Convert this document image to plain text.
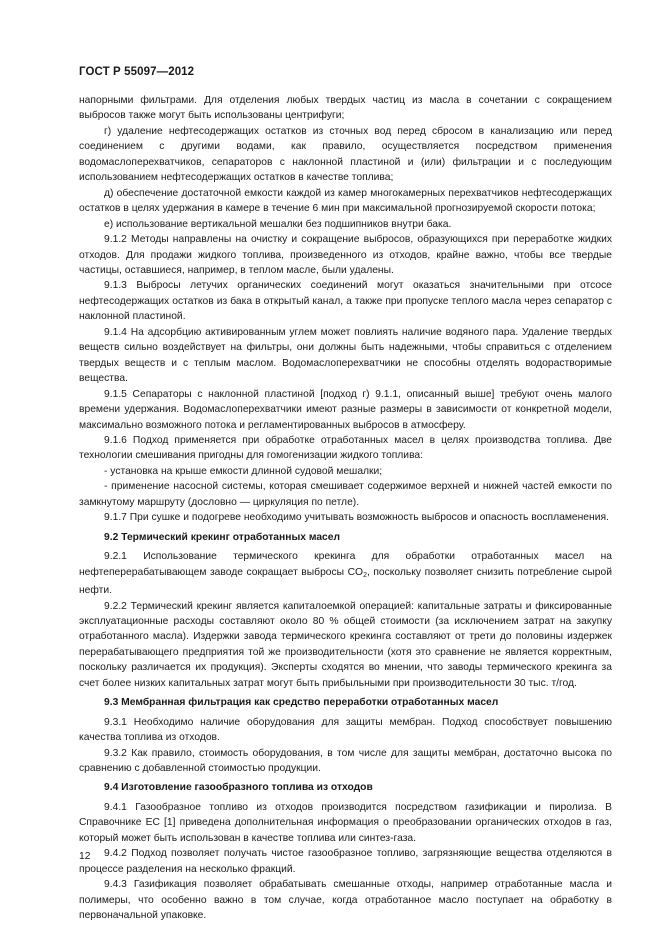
ГОСТ Р 55097—2012

напорными фильтрами. Для отделения любых твердых частиц из масла в сочетании с сокращением выбросов также могут быть использованы центрифуги;

г) удаление нефтесодержащих остатков из сточных вод перед сбросом в канализацию или перед соединением с другими водами, как правило, осуществляется посредством применения водомаслоперехватчиков, сепараторов с наклонной пластиной и (или) фильтрации и с последующим использованием нефтесодержащих остатков в качестве топлива;

д) обеспечение достаточной емкости каждой из камер многокамерных перехватчиков нефтесодержащих остатков в целях удержания в камере в течение 6 мин при максимальной прогнозируемой скорости потока;

е) использование вертикальной мешалки без подшипников внутри бака.

9.1.2 Методы направлены на очистку и сокращение выбросов, образующихся при переработке жидких отходов. Для продажи жидкого топлива, произведенного из отходов, крайне важно, чтобы все твердые частицы, оставшиеся, например, в теплом масле, были удалены.

9.1.3 Выбросы летучих органических соединений могут оказаться значительными при отсосе нефтесодержащих остатков из бака в открытый канал, а также при пропуске теплого масла через сепаратор с наклонной пластиной.

9.1.4 На адсорбцию активированным углем может повлиять наличие водяного пара. Удаление твердых веществ сильно воздействует на фильтры, они должны быть надежными, чтобы справиться с отделением твердых веществ и с теплым маслом. Водомаслоперехватчики не способны отделять водорастворимые вещества.

9.1.5 Сепараторы с наклонной пластиной [подход г) 9.1.1, описанный выше] требуют очень малого времени удержания. Водомаслоперехватчики имеют разные размеры в зависимости от конкретной модели, максимально возможного потока и регламентированных выбросов в атмосферу.

9.1.6 Подход применяется при обработке отработанных масел в целях производства топлива. Две технологии смешивания пригодны для гомогенизации жидкого топлива:

- установка на крыше емкости длинной судовой мешалки;

- применение насосной системы, которая смешивает содержимое верхней и нижней частей емкости по замкнутому маршруту (дословно — циркуляция по петле).

9.1.7 При сушке и подогреве необходимо учитывать возможность выбросов и опасность воспламенения.

9.2 Термический крекинг отработанных масел

9.2.1 Использование термического крекинга для обработки отработанных масел на нефтеперерабатывающем заводе сокращает выбросы $CO_2$, поскольку позволяет снизить потребление сырой нефти.

9.2.2 Термический крекинг является капиталоемкой операцией: капитальные затраты и фиксированные эксплуатационные расходы составляют около 80 % общей стоимости (за исключением затрат на закупку отработанного масла). Издержки завода термического крекинга составляют от трети до половины издержек перерабатывающего предприятия той же производительности (хотя это сравнение не является корректным, поскольку различается их продукция). Эксперты сходятся во мнении, что заводы термического крекинга за счет более низких капитальных затрат могут быть прибыльными при производительности 30 тыс. т/год.

9.3 Мембранная фильтрация как средство переработки отработанных масел

9.3.1 Необходимо наличие оборудования для защиты мембран. Подход способствует повышению качества топлива из отходов.

9.3.2 Как правило, стоимость оборудования, в том числе для защиты мембран, достаточно высока по сравнению с добавленной стоимостью продукции.

9.4 Изготовление газообразного топлива из отходов

9.4.1 Газообразное топливо из отходов производится посредством газификации и пиролиза. В Справочнике ЕС [1] приведена дополнительная информация о преобразовании органических отходов в газ, который может быть использован в качестве топлива или синтез-газа.

9.4.2 Подход позволяет получать чистое газообразное топливо, загрязняющие вещества отделяются в процессе разделения на несколько фракций.

9.4.3 Газификация позволяет обрабатывать смешанные отходы, например отработанные масла и полимеры, что особенно важно в том случае, когда отработанное масло поступает на обработку в первоначальной упаковке.

12
